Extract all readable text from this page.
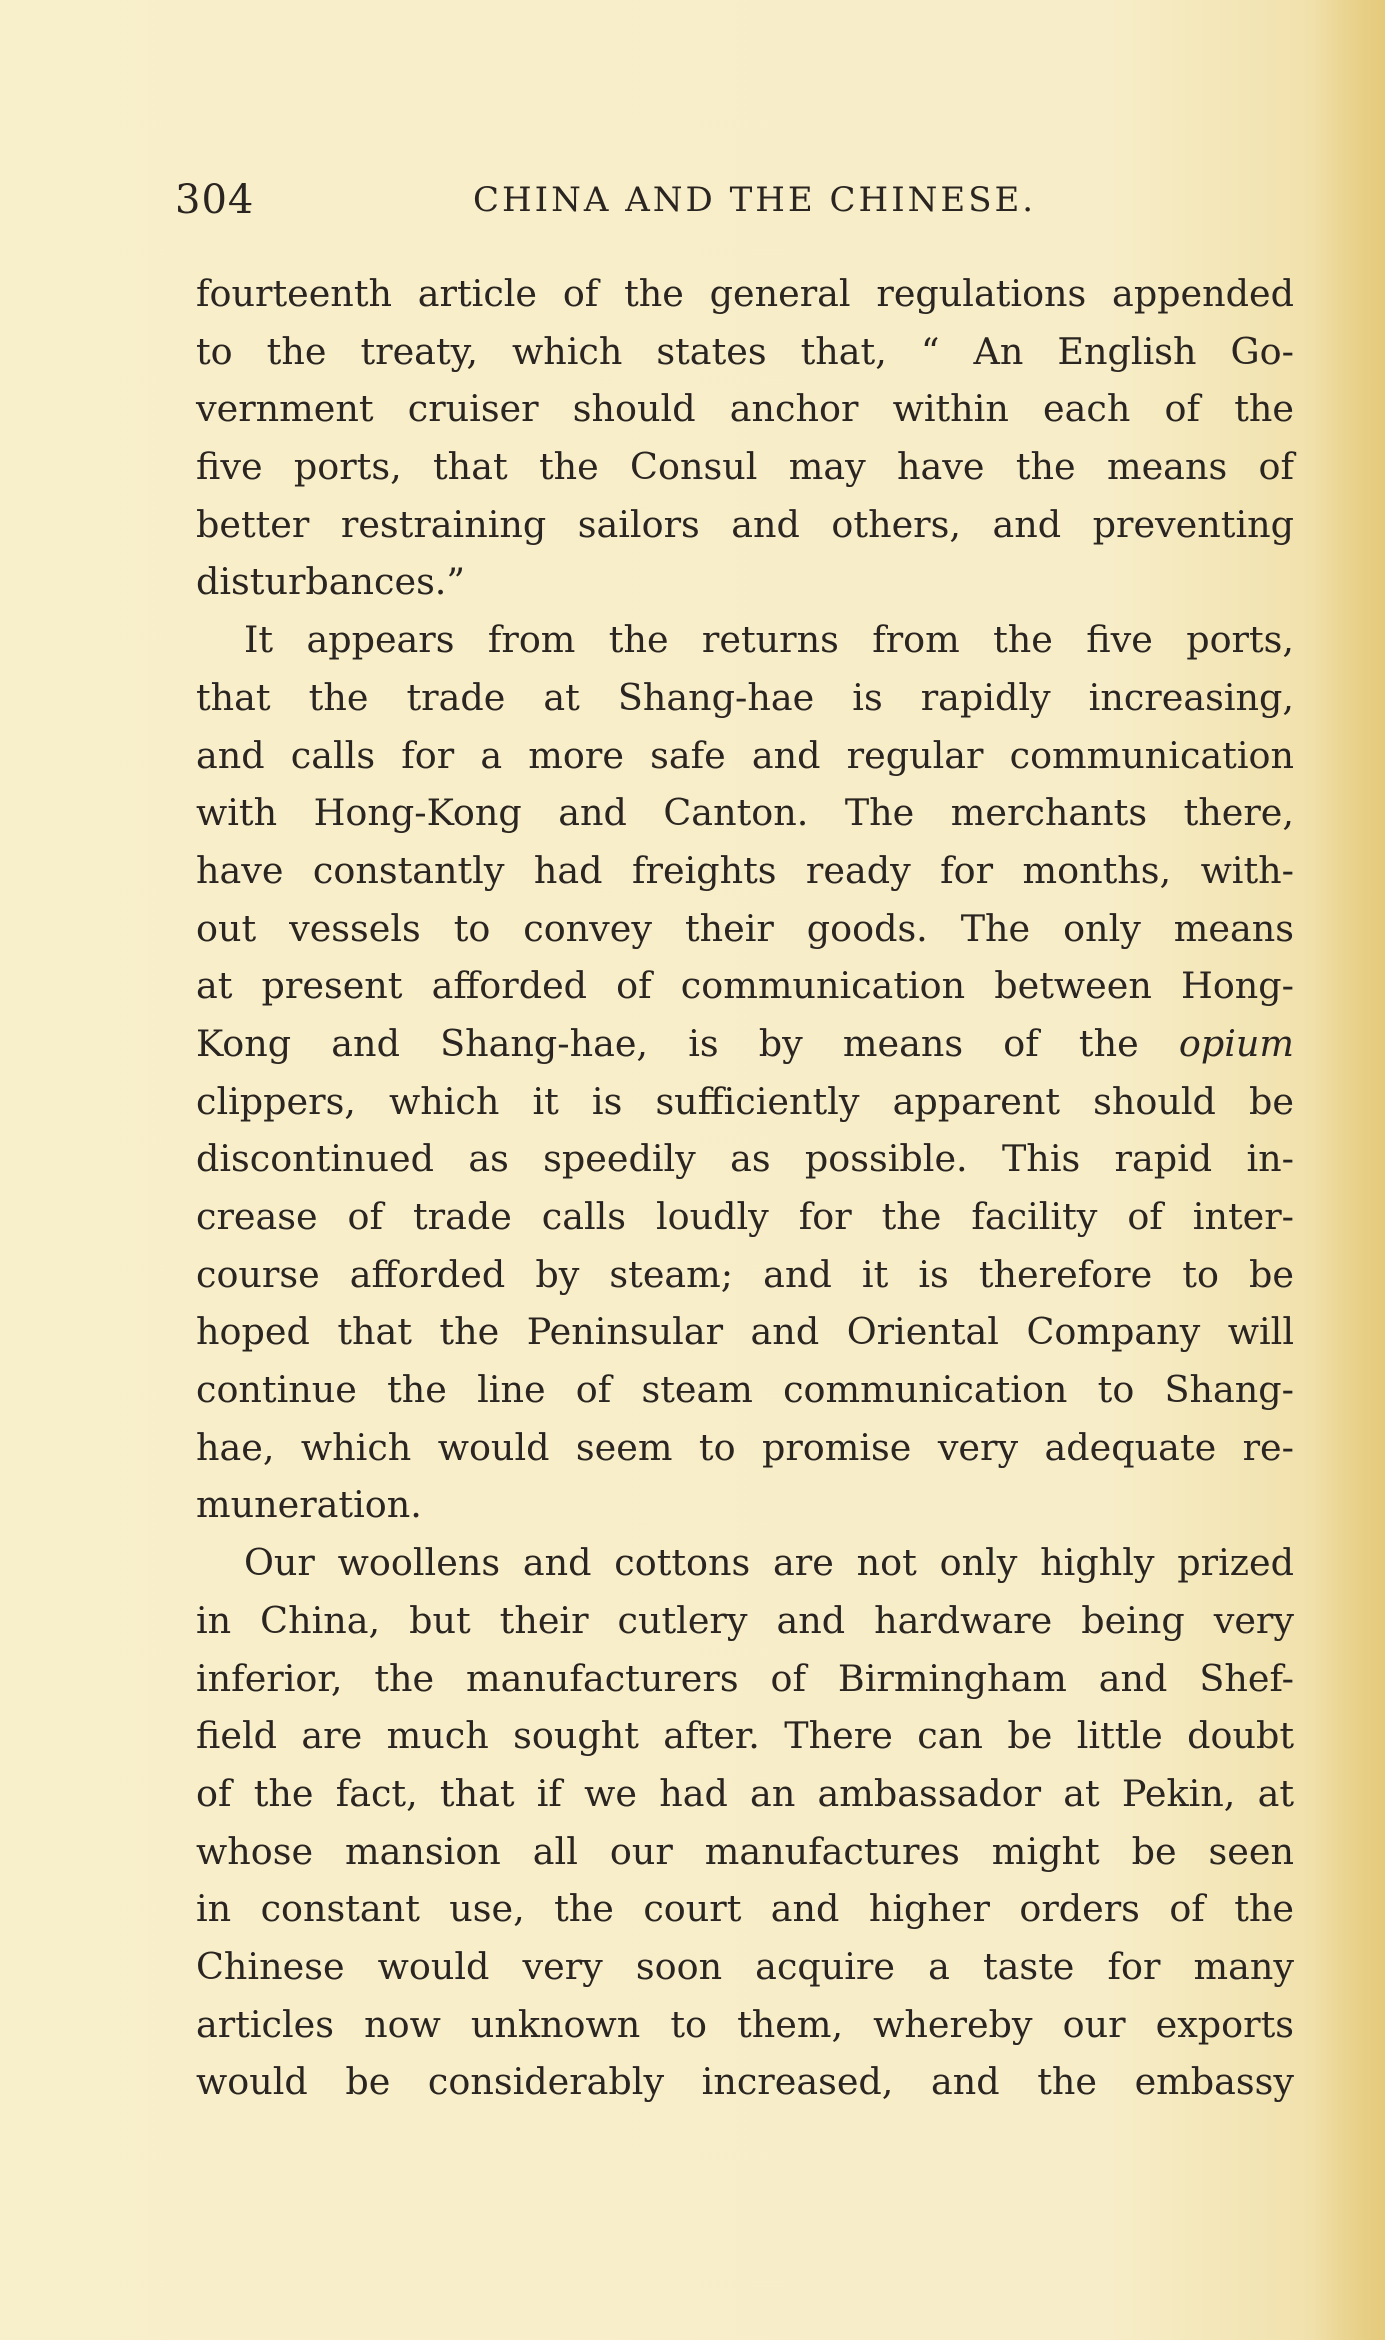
304	CHINA AND THE CHINESE.
fourteenth article of the general regulations appended
to the treaty, which states that, “ An English Go-
vernment cruiser should anchor within each of the
five ports, that the Consul may have the means of
better restraining sailors and others, and preventing
disturbances.”
It appears from the returns from the five ports,
that the trade at Shang-hae is rapidly increasing,
and calls for a more safe and regular communication
with Hong-Kong and Canton. The merchants there,
have constantly had freights ready for months, with-
out vessels to convey their goods. The only means
at present afforded of communication between Hong-
Kong and Shang-hae, is by means of the opium
clippers, which it is sufficiently apparent should be
discontinued as speedily as possible. This rapid in-
crease of trade calls loudly for the facility of inter-
course afforded by steam; and it is therefore to be
hoped that the Peninsular and Oriental Company will
continue the line of steam communication to Shang-
hae, which would seem to promise very adequate re-
muneration.
Our woollens and cottons are not only highly prized
in China, but their cutlery and hardware being very
inferior, the manufacturers of Birmingham and Shef-
field are much sought after. There can be little doubt
of the fact, that if we had an ambassador at Pekin, at
whose mansion all our manufactures might be seen
in constant use, the court and higher orders of the
Chinese would very soon acquire a taste for many
articles now unknown to them, whereby our exports
would be considerably increased, and the embassy
